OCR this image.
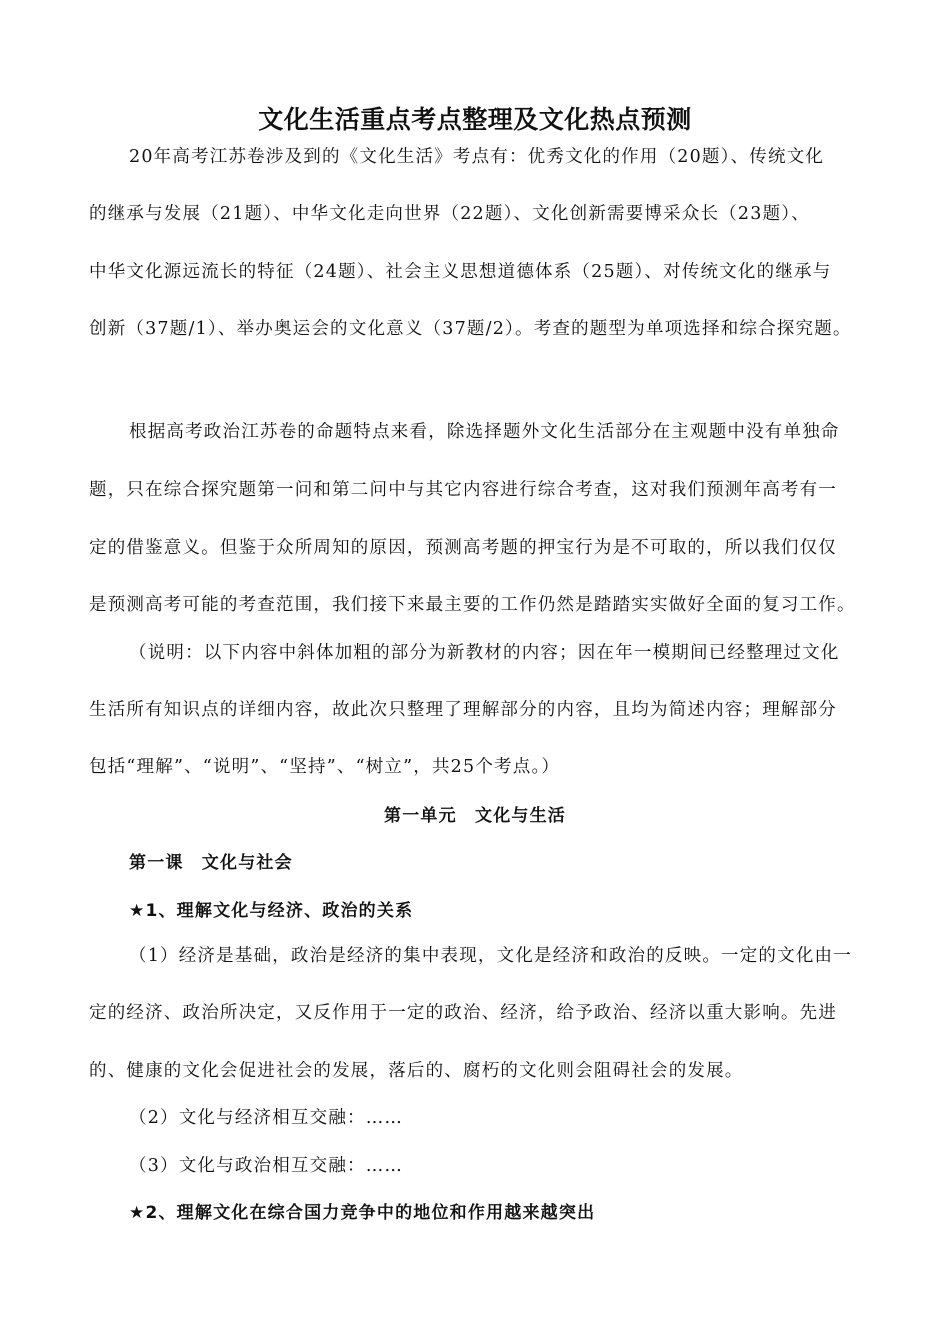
文化生活重点考点整理及文化热点预测
20年高考江苏卷涉及到的《文化生活》考点有：优秀文化的作用（20题）、传统文化
的继承与发展（21题）、中华文化走向世界（22题）、文化创新需要博采众长（23题）、
中华文化源远流长的特征（24题）、社会主义思想道德体系（25题）、对传统文化的继承与
创新（37题/1）、举办奥运会的文化意义（37题/2）。考查的题型为单项选择和综合探究题。
根据高考政治江苏卷的命题特点来看，除选择题外文化生活部分在主观题中没有单独命
题，只在综合探究题第一问和第二问中与其它内容进行综合考查，这对我们预测年高考有一
定的借鉴意义。但鉴于众所周知的原因，预测高考题的押宝行为是不可取的，所以我们仅仅
是预测高考可能的考查范围，我们接下来最主要的工作仍然是踏踏实实做好全面的复习工作。
（说明：以下内容中斜体加粗的部分为新教材的内容；因在年一模期间已经整理过文化
生活所有知识点的详细内容，故此次只整理了理解部分的内容，且均为简述内容；理解部分
包括“理解”、“说明”、“坚持”、“树立”，共25个考点。）
第一单元　文化与生活
第一课　文化与社会
★1、理解文化与经济、政治的关系
（1）经济是基础，政治是经济的集中表现，文化是经济和政治的反映。一定的文化由一
定的经济、政治所决定，又反作用于一定的政治、经济，给予政治、经济以重大影响。先进
的、健康的文化会促进社会的发展，落后的、腐朽的文化则会阻碍社会的发展。
（2）文化与经济相互交融：……
（3）文化与政治相互交融：……
★2、理解文化在综合国力竞争中的地位和作用越来越突出
